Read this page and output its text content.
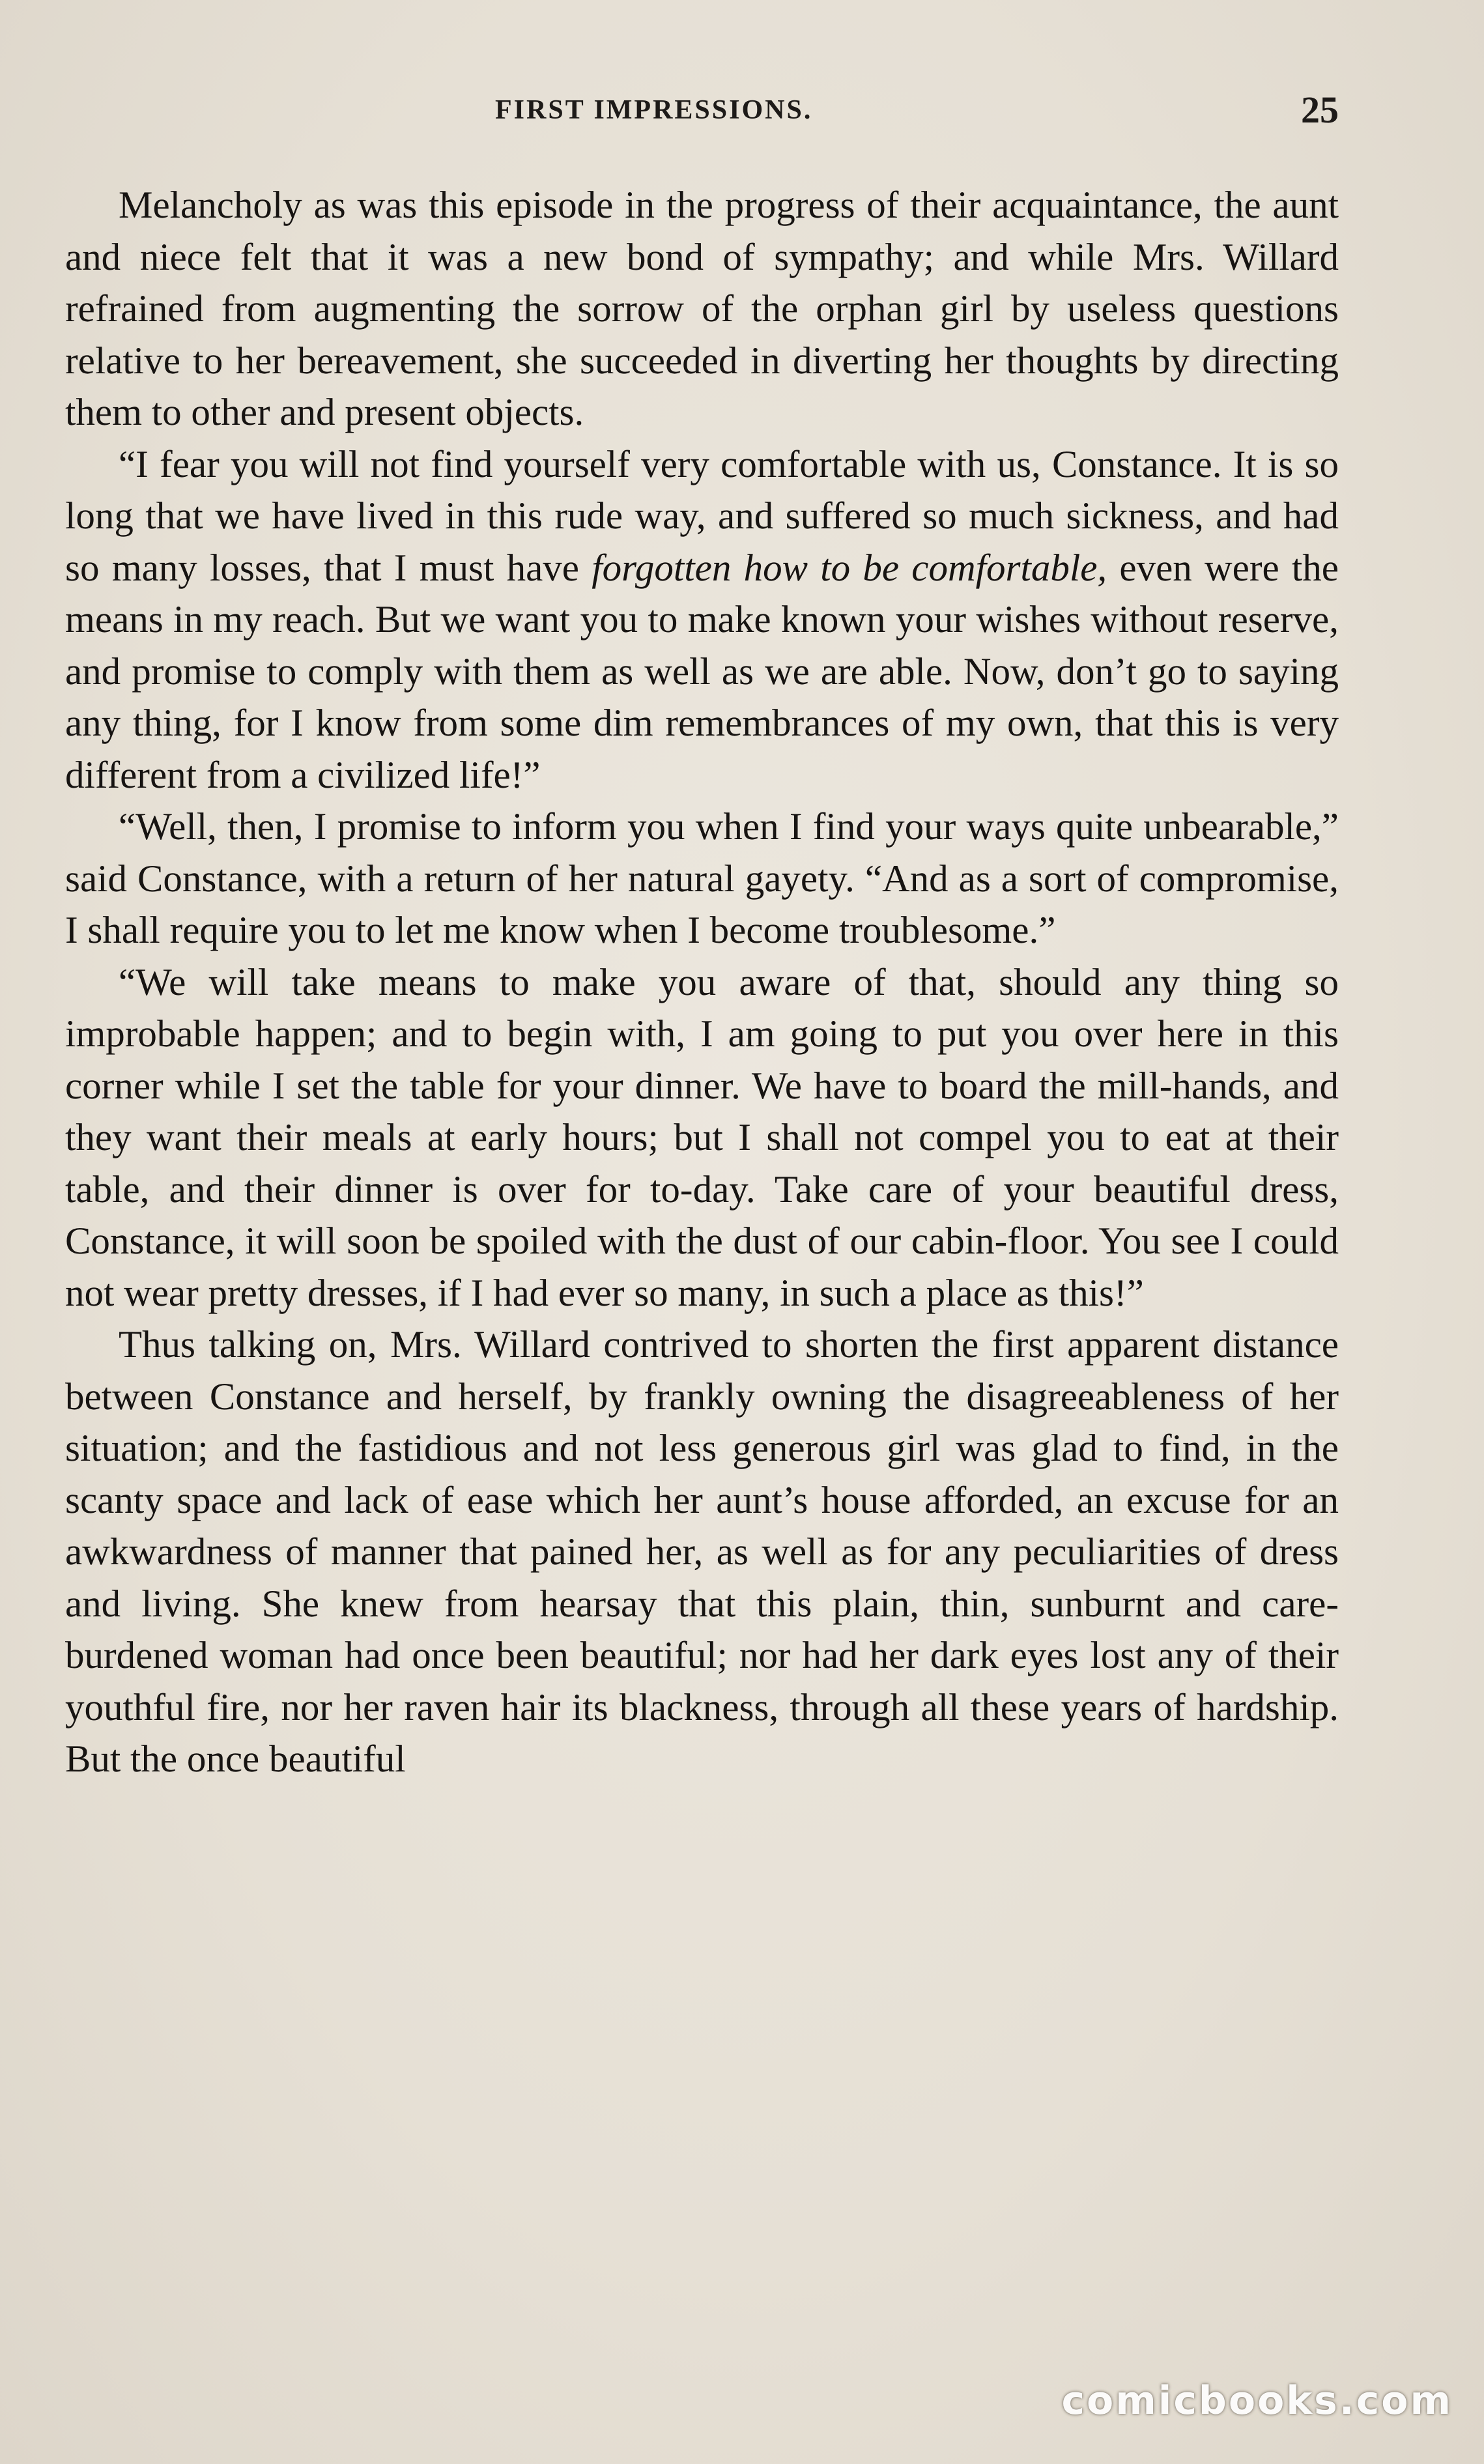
FIRST IMPRESSIONS.	25

Melancholy as was this episode in the progress of their acquaintance, the aunt and niece felt that it was a new bond of sympathy; and while Mrs. Willard refrained from augmenting the sorrow of the orphan girl by useless questions relative to her bereavement, she succeeded in diverting her thoughts by directing them to other and present objects.

“I fear you will not find yourself very comfortable with us, Constance. It is so long that we have lived in this rude way, and suffered so much sickness, and had so many losses, that I must have forgotten how to be comfortable, even were the means in my reach. But we want you to make known your wishes without reserve, and promise to comply with them as well as we are able. Now, don’t go to saying any thing, for I know from some dim remembrances of my own, that this is very different from a civilized life!”

“Well, then, I promise to inform you when I find your ways quite unbearable,” said Constance, with a return of her natural gayety. “And as a sort of compromise, I shall require you to let me know when I become troublesome.”

“We will take means to make you aware of that, should any thing so improbable happen; and to begin with, I am going to put you over here in this corner while I set the table for your dinner. We have to board the mill-hands, and they want their meals at early hours; but I shall not compel you to eat at their table, and their dinner is over for to-day. Take care of your beautiful dress, Constance, it will soon be spoiled with the dust of our cabin-floor. You see I could not wear pretty dresses, if I had ever so many, in such a place as this!”

Thus talking on, Mrs. Willard contrived to shorten the first apparent distance between Constance and herself, by frankly owning the disagreeableness of her situation; and the fastidious and not less generous girl was glad to find, in the scanty space and lack of ease which her aunt’s house afforded, an excuse for an awkwardness of manner that pained her, as well as for any peculiarities of dress and living. She knew from hearsay that this plain, thin, sunburnt and care-burdened woman had once been beautiful; nor had her dark eyes lost any of their youthful fire, nor her raven hair its blackness, through all these years of hardship. But the once beautiful

comicbooks.com
